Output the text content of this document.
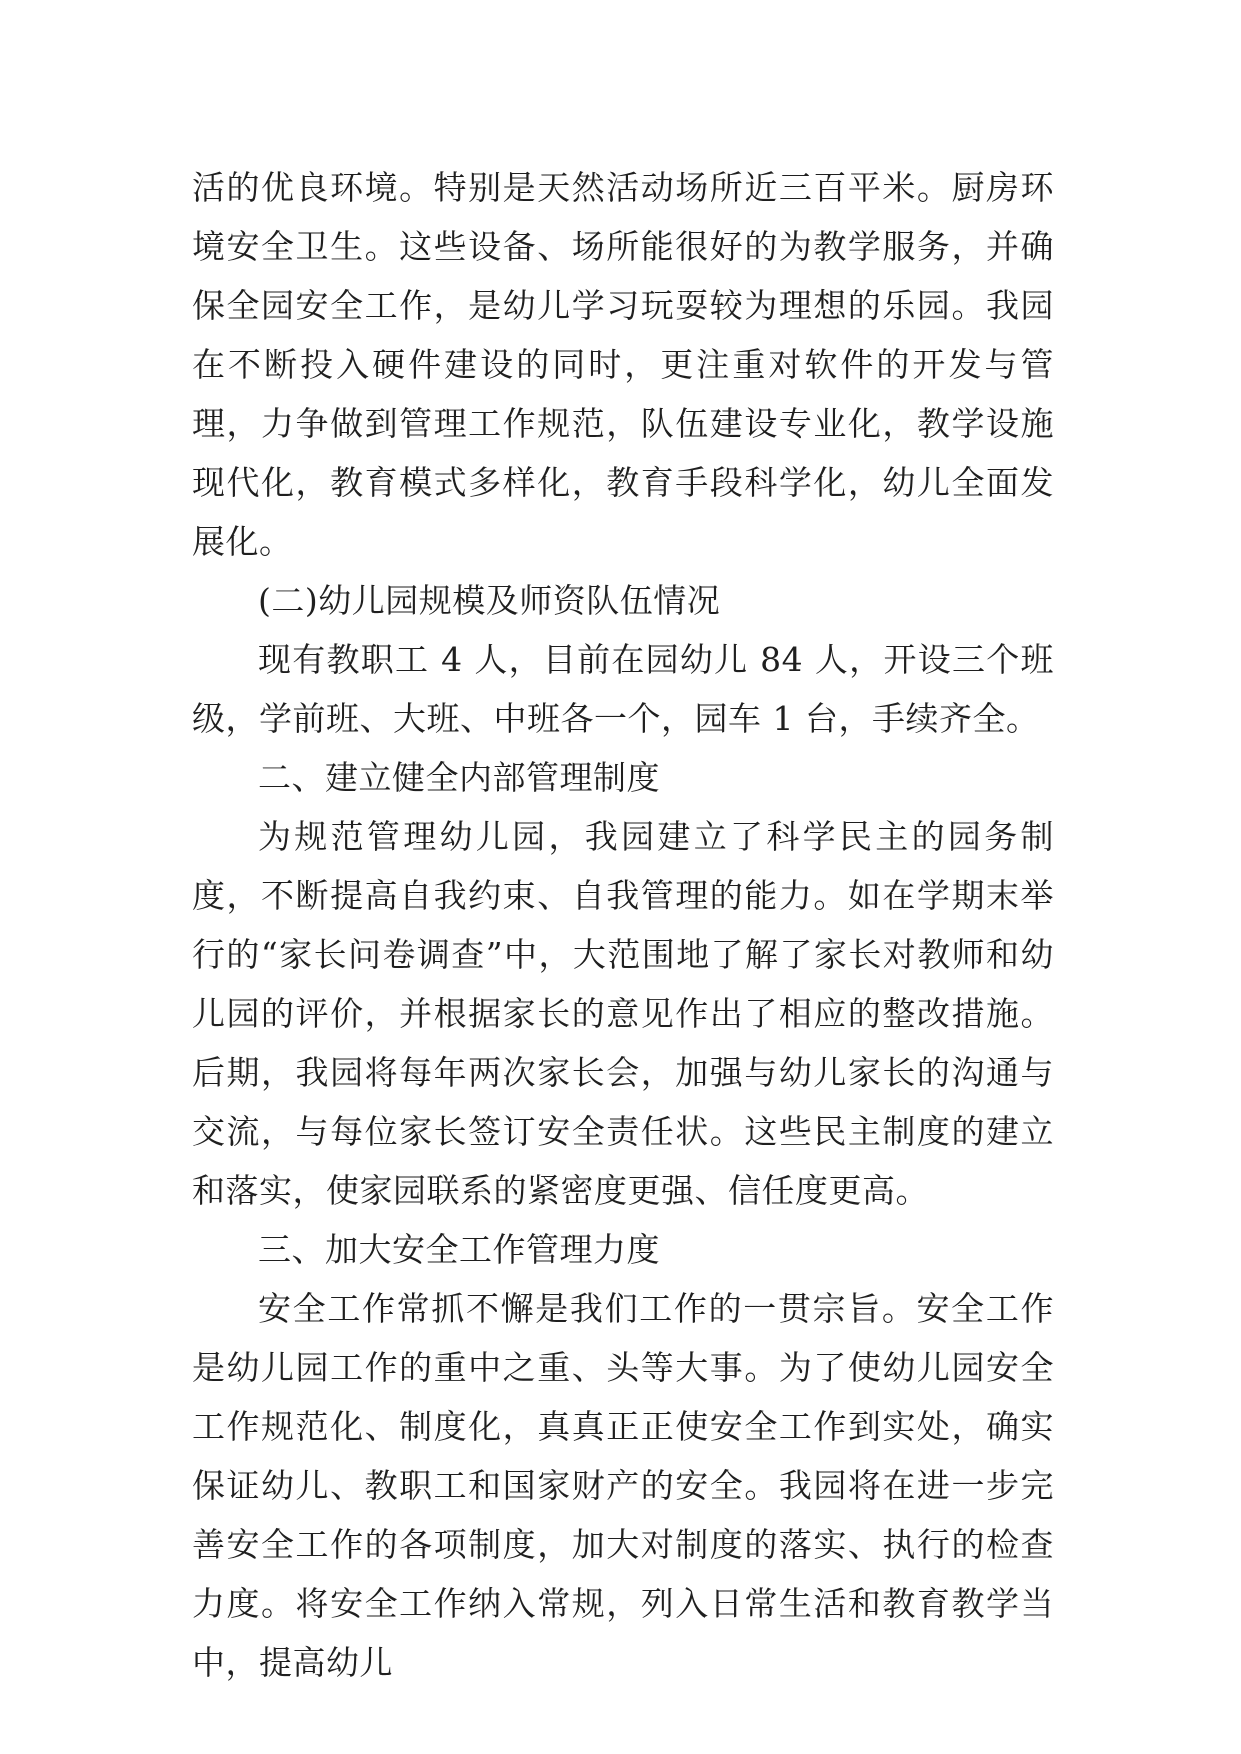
活的优良环境。特别是天然活动场所近三百平米。厨房环境安全卫生。这些设备、场所能很好的为教学服务，并确保全园安全工作，是幼儿学习玩耍较为理想的乐园。我园在不断投入硬件建设的同时，更注重对软件的开发与管理，力争做到管理工作规范，队伍建设专业化，教学设施现代化，教育模式多样化，教育手段科学化，幼儿全面发展化。

(二)幼儿园规模及师资队伍情况

现有教职工 4 人，目前在园幼儿 84 人，开设三个班级，学前班、大班、中班各一个，园车 1 台，手续齐全。

二、建立健全内部管理制度

为规范管理幼儿园，我园建立了科学民主的园务制度，不断提高自我约束、自我管理的能力。如在学期末举行的“家长问卷调查”中，大范围地了解了家长对教师和幼儿园的评价，并根据家长的意见作出了相应的整改措施。后期，我园将每年两次家长会，加强与幼儿家长的沟通与交流，与每位家长签订安全责任状。这些民主制度的建立和落实，使家园联系的紧密度更强、信任度更高。

三、加大安全工作管理力度

安全工作常抓不懈是我们工作的一贯宗旨。安全工作是幼儿园工作的重中之重、头等大事。为了使幼儿园安全工作规范化、制度化，真真正正使安全工作到实处，确实保证幼儿、教职工和国家财产的安全。我园将在进一步完善安全工作的各项制度，加大对制度的落实、执行的检查力度。将安全工作纳入常规，列入日常生活和教育教学当中，提高幼儿
